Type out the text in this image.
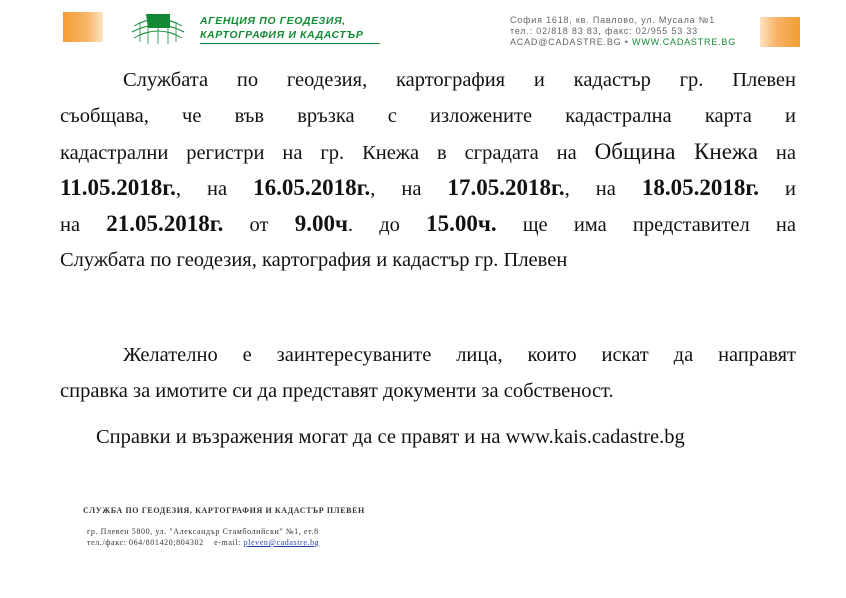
АГЕНЦИЯ ПО ГЕОДЕЗИЯ,
КАРТОГРАФИЯ И КАДАСТЪР
София 1618, кв. Павлово, ул. Мусала №1
тел.: 02/818 83 83, факс: 02/955 53 33
ACAD@CADASTRE.BG • WWW.CADASTRE.BG
Службата по геодезия, картография и кадастър гр. Плевен
съобщава, че във връзка с изложените кадастрална карта и
кадастрални регистри на гр. Кнежа в сградата на Община Кнежа на
11.05.2018г., на 16.05.2018г., на 17.05.2018г., на 18.05.2018г. и
на 21.05.2018г. от 9.00ч. до 15.00ч. ще има представител на
Службата по геодезия, картография и кадастър гр. Плевен
Желателно е заинтересуваните лица, които искат да направят
справка за имотите си да представят документи за собственост.
Справки и възражения могат да се правят и на www.kais.cadastre.bg
СЛУЖБА ПО ГЕОДЕЗИЯ, КАРТОГРАФИЯ И КАДАСТЪР ПЛЕВЕН
гр. Плевен 5800, ул. "Александър Стамболийски" №1, ет.8
тел./факс: 064/801420;804302 e-mail: pleven@cadastre.bg
